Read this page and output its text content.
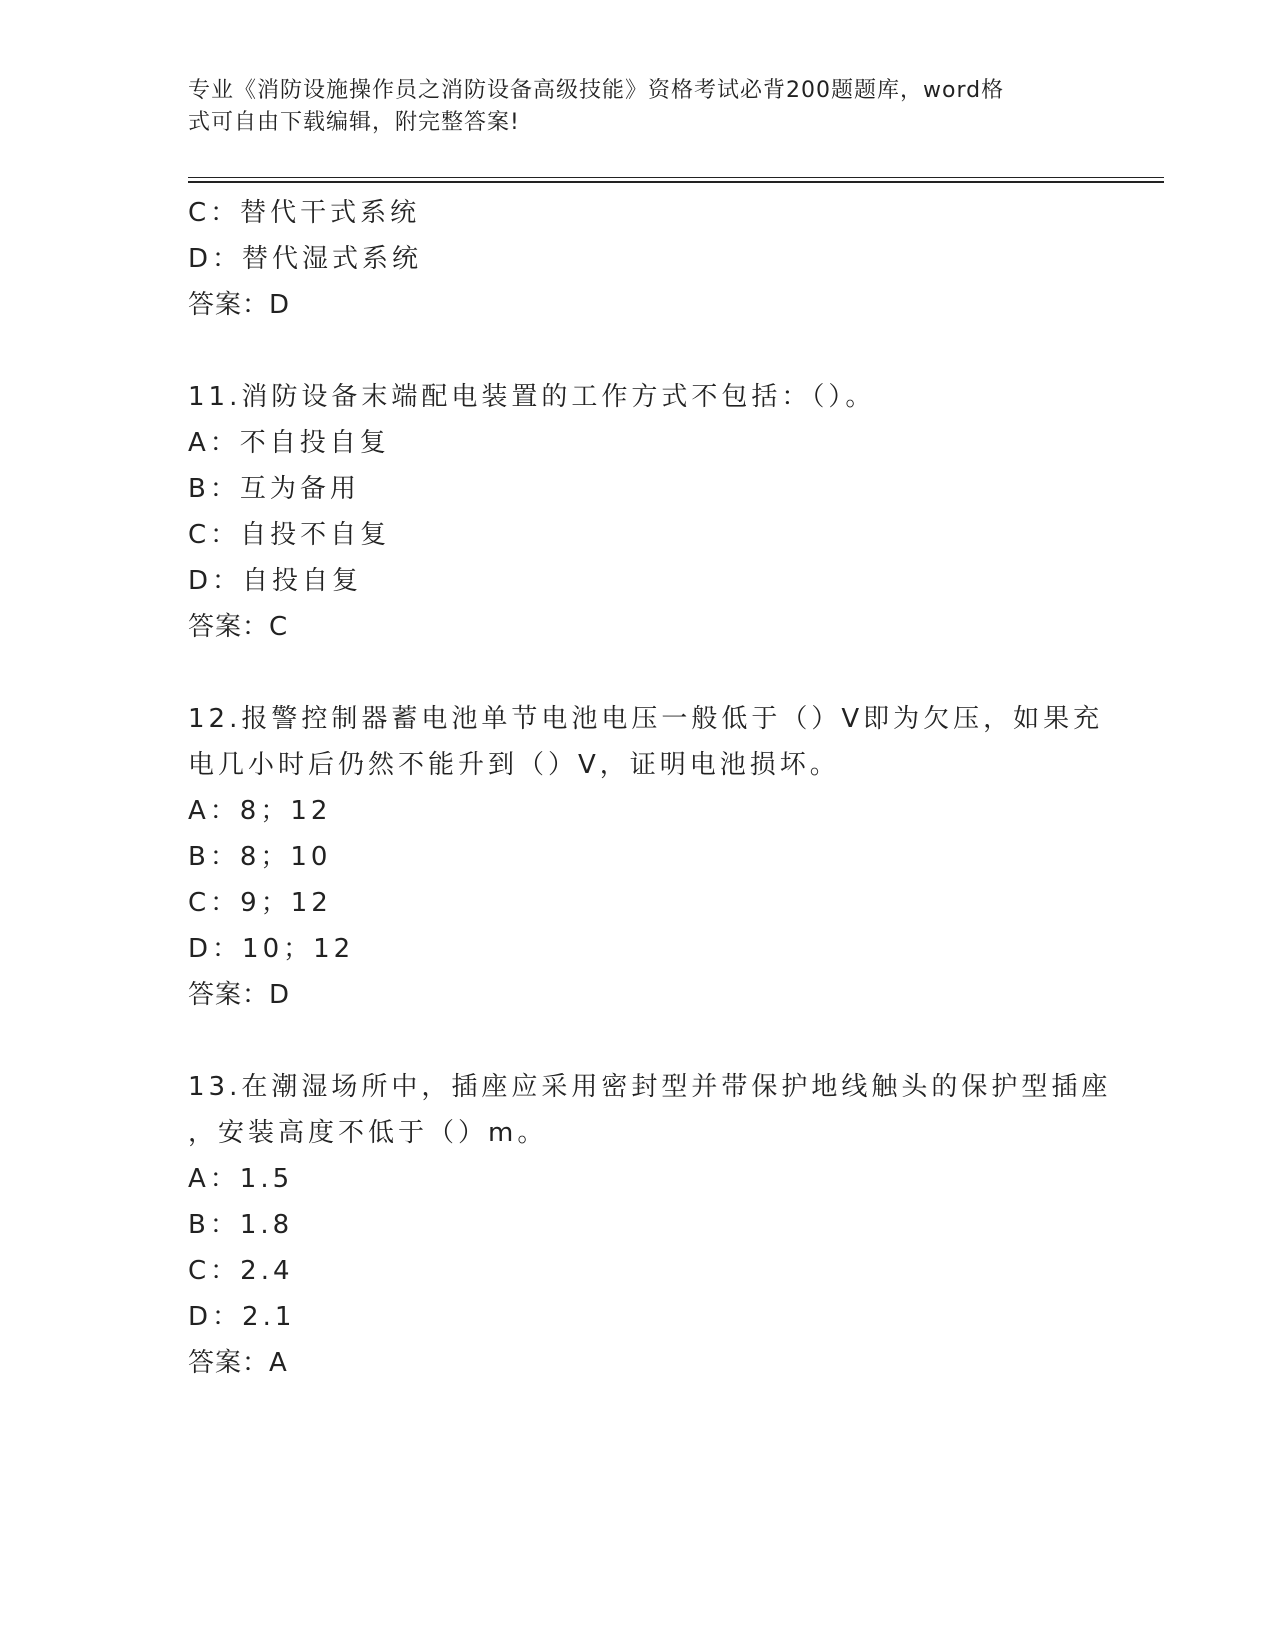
专业《消防设施操作员之消防设备高级技能》资格考试必背200题题库，word格
式可自由下载编辑，附完整答案!
C：替代干式系统
D：替代湿式系统
答案：D
11.消防设备末端配电装置的工作方式不包括：（）。
A：不自投自复
B：互为备用
C：自投不自复
D：自投自复
答案：C
12.报警控制器蓄电池单节电池电压一般低于（）V即为欠压，如果充
电几小时后仍然不能升到（）V，证明电池损坏。
A：8；12
B：8；10
C：9；12
D：10；12
答案：D
13.在潮湿场所中，插座应采用密封型并带保护地线触头的保护型插座
，安装高度不低于（）m。
A：1.5
B：1.8
C：2.4
D：2.1
答案：A
